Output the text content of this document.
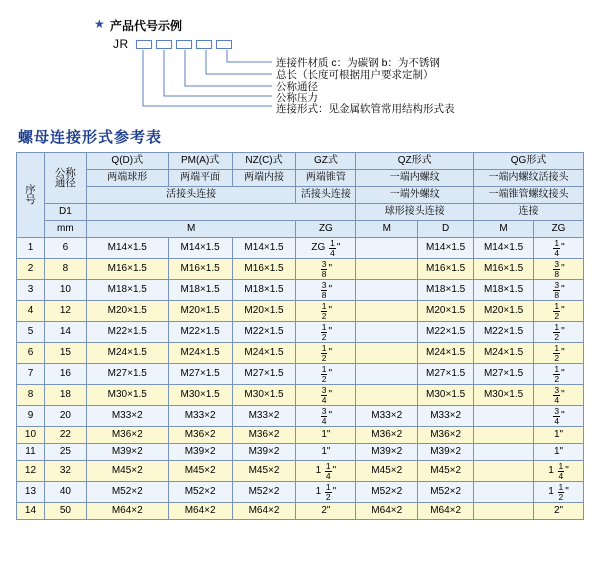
★ 产品代号示例
JR
连接件材质 c：为碳钢 b：为不锈钢
总长（长度可根据用户要求定制）
公称通径
公称压力
连接形式：见金属软管常用结构形式表
螺母连接形式参考表
序
号

公称
通径
	Q(D)式	PM(A)式	NZ(C)式	GZ式	QZ形式	QG形式
		两端球形	两端平面	两端内接	两端锥管	一端内螺纹		一端内螺纹活接头	
		活接头连接			活接头连接	一端外螺纹		一端锥管螺纹接头	
	D1					球形接头连接		连接	
	mm	M			ZG	M	D	M	ZG
1	6	M14×1.5	M14×1.5	M14×1.5	ZG $\frac{1}{4}$ "		M14×1.5	M14×1.5	$\frac{1}{4}$ "
2	8	M16×1.5	M16×1.5	M16×1.5	$\frac{3}{8}$ "		M16×1.5	M16×1.5	$\frac{3}{8}$ "
3	10	M18×1.5	M18×1.5	M18×1.5	$\frac{3}{8}$ "		M18×1.5	M18×1.5	$\frac{3}{8}$ "
4	12	M20×1.5	M20×1.5	M20×1.5	$\frac{1}{2}$ "		M20×1.5	M20×1.5	$\frac{1}{2}$ "
5	14	M22×1.5	M22×1.5	M22×1.5	$\frac{1}{2}$ "		M22×1.5	M22×1.5	$\frac{1}{2}$ "
6	15	M24×1.5	M24×1.5	M24×1.5	$\frac{1}{2}$ "		M24×1.5	M24×1.5	$\frac{1}{2}$ "
7	16	M27×1.5	M27×1.5	M27×1.5	$\frac{1}{2}$ "		M27×1.5	M27×1.5	$\frac{1}{2}$ "
8	18	M30×1.5	M30×1.5	M30×1.5	$\frac{3}{4}$ "		M30×1.5	M30×1.5	$\frac{3}{4}$ "
9	20	M33×2	M33×2	M33×2	$\frac{3}{4}$ "	M33×2	M33×2		$\frac{3}{4}$ "
10	22	M36×2	M36×2	M36×2	1"	M36×2	M36×2		1"
11	25	M39×2	M39×2	M39×2	1"	M39×2	M39×2		1"
12	32	M45×2	M45×2	M45×2	$1 \frac{1}{4}$ "	M45×2	M45×2		$1 \frac{1}{4}$ "
13	40	M52×2	M52×2	M52×2	$1 \frac{1}{2}$ "	M52×2	M52×2		$1 \frac{1}{2}$ "
14	50	M64×2	M64×2	M64×2	2"	M64×2	M64×2		2"
